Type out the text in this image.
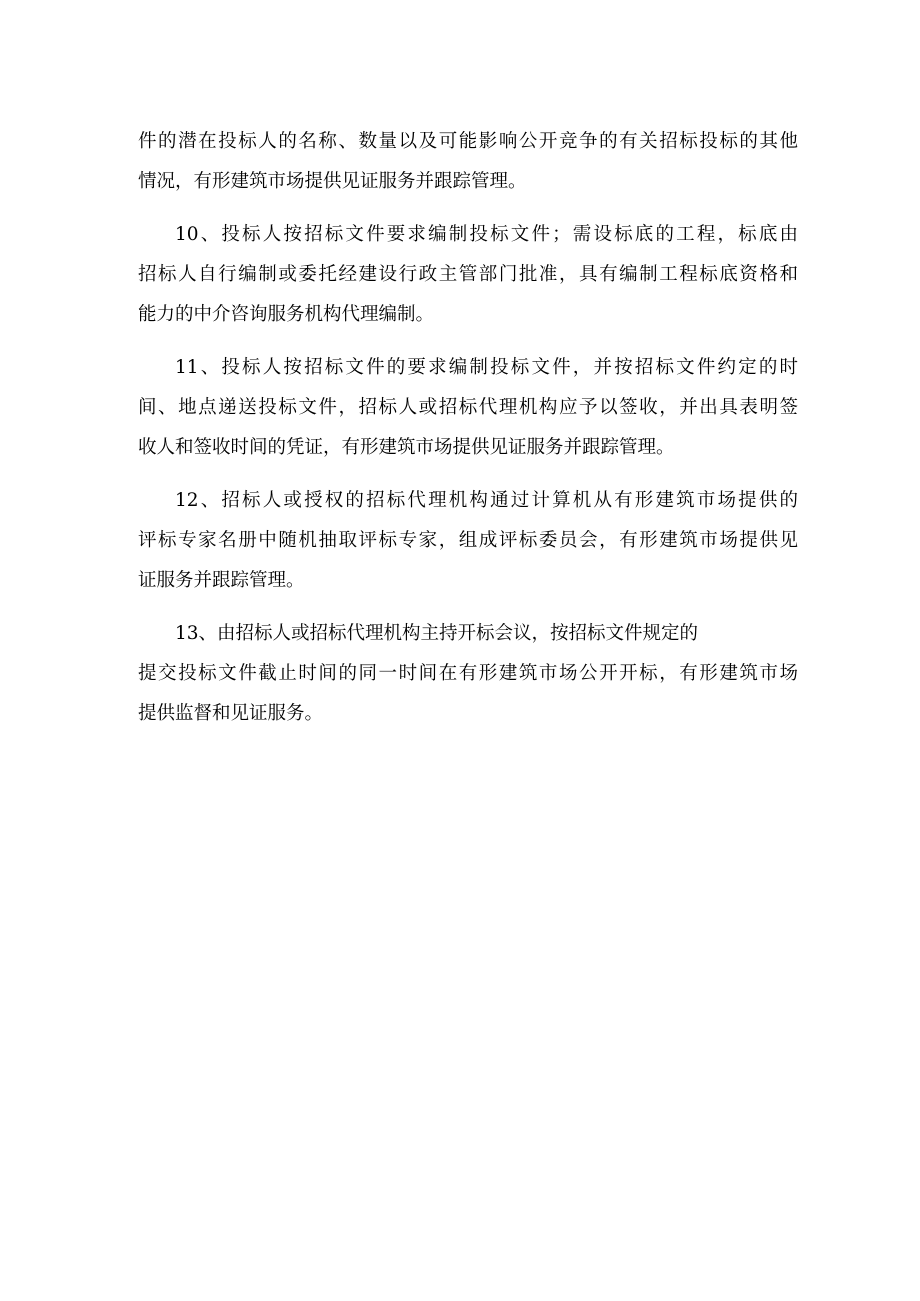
件的潜在投标人的名称、数量以及可能影响公开竞争的有关招标投标的其他
情况，有形建筑市场提供见证服务并跟踪管理。
10、投标人按招标文件要求编制投标文件；需设标底的工程，标底由
招标人自行编制或委托经建设行政主管部门批准，具有编制工程标底资格和
能力的中介咨询服务机构代理编制。
11、投标人按招标文件的要求编制投标文件，并按招标文件约定的时
间、地点递送投标文件，招标人或招标代理机构应予以签收，并出具表明签
收人和签收时间的凭证，有形建筑市场提供见证服务并跟踪管理。
12、招标人或授权的招标代理机构通过计算机从有形建筑市场提供的
评标专家名册中随机抽取评标专家，组成评标委员会，有形建筑市场提供见
证服务并跟踪管理。
13、由招标人或招标代理机构主持开标会议，按招标文件规定的
提交投标文件截止时间的同一时间在有形建筑市场公开开标，有形建筑市场
提供监督和见证服务。
